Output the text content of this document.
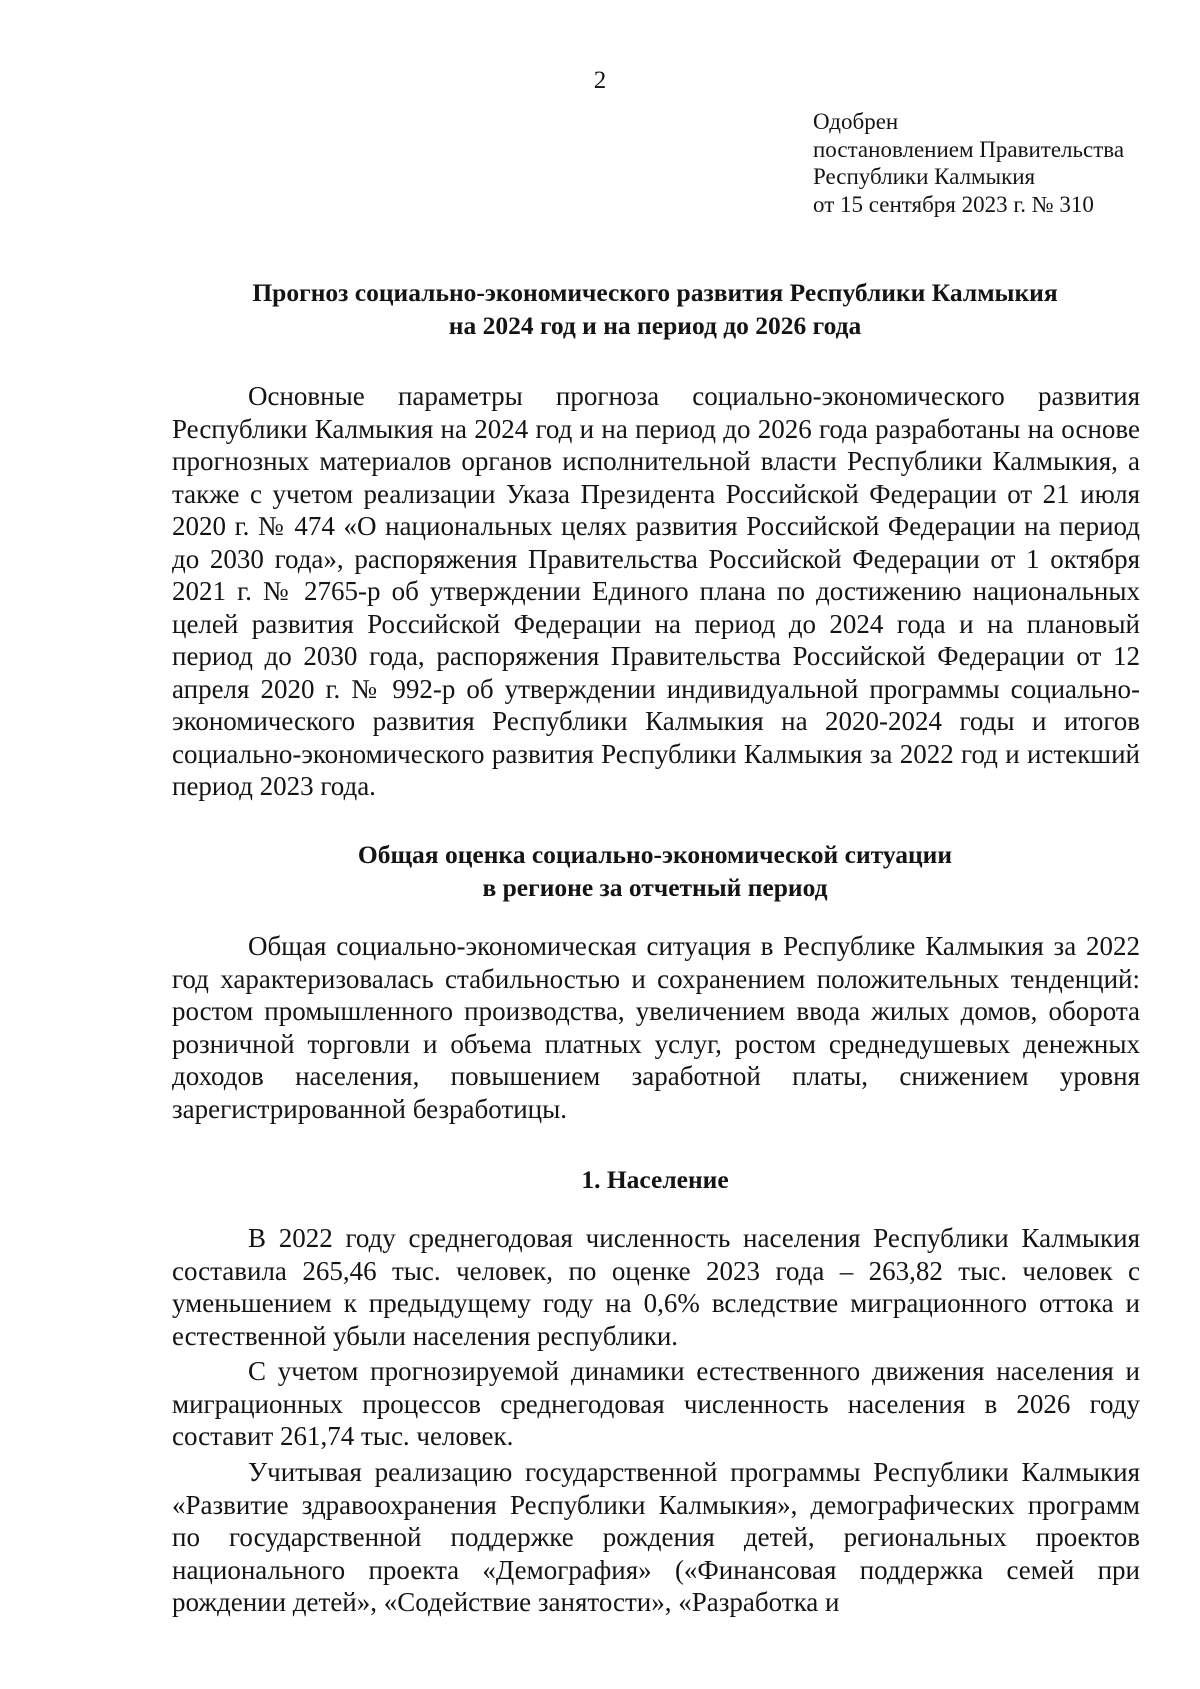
2
Одобрен
постановлением Правительства
Республики Калмыкия
от 15 сентября 2023 г. № 310
Прогноз социально-экономического развития Республики Калмыкия
на 2024 год и на период до 2026 года

Основные параметры прогноза социально-экономического развития Республики Калмыкия на 2024 год и на период до 2026 года разработаны на основе прогнозных материалов органов исполнительной власти Республики Калмыкия, а также с учетом реализации Указа Президента Российской Федерации от 21 июля 2020 г. № 474 «О национальных целях развития Российской Федерации на период до 2030 года», распоряжения Правительства Российской Федерации от 1 октября 2021 г. № 2765-р об утверждении Единого плана по достижению национальных целей развития Российской Федерации на период до 2024 года и на плановый период до 2030 года, распоряжения Правительства Российской Федерации от 12 апреля 2020 г. № 992-р об утверждении индивидуальной программы социально-экономического развития Республики Калмыкия на 2020-2024 годы и итогов социально-экономического развития Республики Калмыкия за 2022 год и истекший период 2023 года.

Общая оценка социально-экономической ситуации
в регионе за отчетный период

Общая социально-экономическая ситуация в Республике Калмыкия за 2022 год характеризовалась стабильностью и сохранением положительных тенденций: ростом промышленного производства, увеличением ввода жилых домов, оборота розничной торговли и объема платных услуг, ростом среднедушевых денежных доходов населения, повышением заработной платы, снижением уровня зарегистрированной безработицы.

1. Население

В 2022 году среднегодовая численность населения Республики Калмыкия составила 265,46 тыс. человек, по оценке 2023 года – 263,82 тыс. человек с уменьшением к предыдущему году на 0,6% вследствие миграционного оттока и естественной убыли населения республики.

С учетом прогнозируемой динамики естественного движения населения и миграционных процессов среднегодовая численность населения в 2026 году составит 261,74 тыс. человек.

Учитывая реализацию государственной программы Республики Калмыкия «Развитие здравоохранения Республики Калмыкия», демографических программ по государственной поддержке рождения детей, региональных проектов национального проекта «Демография» («Финансовая поддержка семей при рождении детей», «Содействие занятости», «Разработка и
